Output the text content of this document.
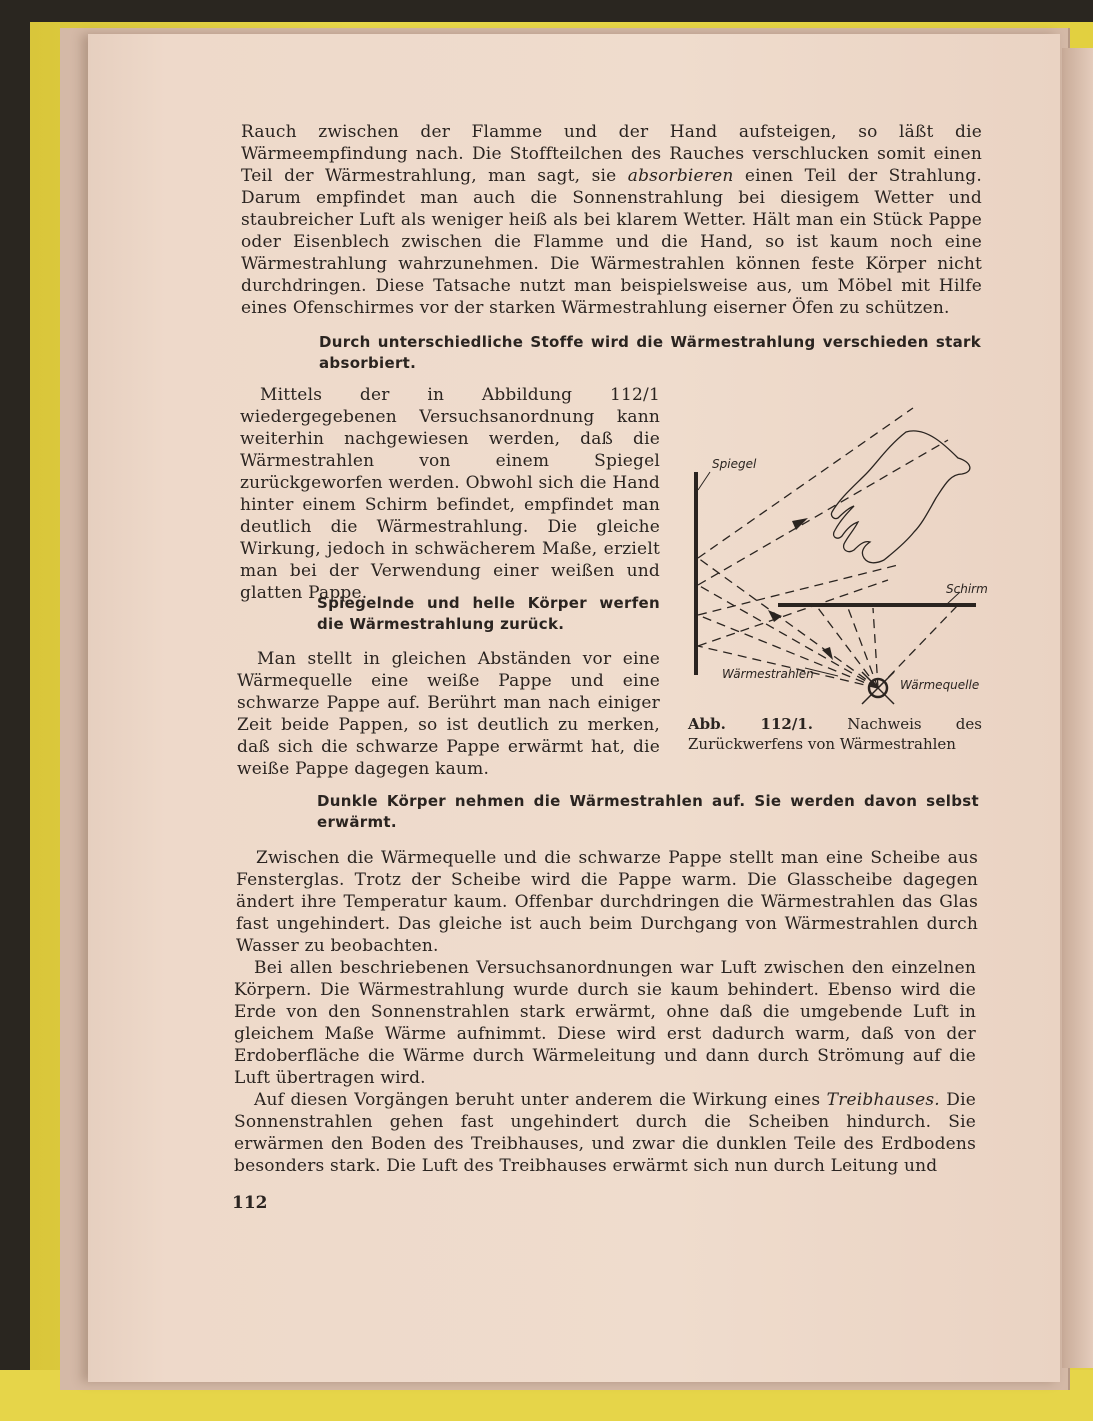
Rauch zwischen der Flamme und der Hand aufsteigen, so läßt die Wärmeempfindung nach. Die Stoffteilchen des Rauches verschlucken somit einen Teil der Wärmestrahlung, man sagt, sie absorbieren einen Teil der Strahlung. Darum empfindet man auch die Sonnenstrahlung bei diesigem Wetter und staubreicher Luft als weniger heiß als bei klarem Wetter. Hält man ein Stück Pappe oder Eisenblech zwischen die Flamme und die Hand, so ist kaum noch eine Wärmestrahlung wahrzunehmen. Die Wärmestrahlen können feste Körper nicht durchdringen. Diese Tatsache nutzt man beispielsweise aus, um Möbel mit Hilfe eines Ofenschirmes vor der starken Wärmestrahlung eiserner Öfen zu schützen.

Durch unterschiedliche Stoffe wird die Wärmestrahlung verschieden stark absorbiert.

Mittels der in Abbildung 112/1 wiedergegebenen Versuchsanordnung kann weiterhin nachgewiesen werden, daß die Wärmestrahlen von einem Spiegel zurückgeworfen werden. Obwohl sich die Hand hinter einem Schirm befindet, empfindet man deutlich die Wärmestrahlung. Die gleiche Wirkung, jedoch in schwächerem Maße, erzielt man bei der Verwendung einer weißen und glatten Pappe.

Spiegelnde und helle Körper werfen die Wärmestrahlung zurück.

Man stellt in gleichen Abständen vor eine Wärmequelle eine weiße Pappe und eine schwarze Pappe auf. Berührt man nach einiger Zeit beide Pappen, so ist deutlich zu merken, daß sich die schwarze Pappe erwärmt hat, die weiße Pappe dagegen kaum.

Spiegel
Schirm
Wärmestrahlen
Wärmequelle
Abb. 112/1. Nachweis des Zurückwerfens von Wärmestrahlen
Dunkle Körper nehmen die Wärmestrahlen auf. Sie werden davon selbst erwärmt.

Zwischen die Wärmequelle und die schwarze Pappe stellt man eine Scheibe aus Fensterglas. Trotz der Scheibe wird die Pappe warm. Die Glasscheibe dagegen ändert ihre Temperatur kaum. Offenbar durchdringen die Wärmestrahlen das Glas fast ungehindert. Das gleiche ist auch beim Durchgang von Wärmestrahlen durch Wasser zu beobachten.

Bei allen beschriebenen Versuchsanordnungen war Luft zwischen den einzelnen Körpern. Die Wärmestrahlung wurde durch sie kaum behindert. Ebenso wird die Erde von den Sonnenstrahlen stark erwärmt, ohne daß die umgebende Luft in gleichem Maße Wärme aufnimmt. Diese wird erst dadurch warm, daß von der Erdoberfläche die Wärme durch Wärmeleitung und dann durch Strömung auf die Luft übertragen wird.

Auf diesen Vorgängen beruht unter anderem die Wirkung eines Treibhauses. Die Sonnenstrahlen gehen fast ungehindert durch die Scheiben hindurch. Sie erwärmen den Boden des Treibhauses, und zwar die dunklen Teile des Erdbodens besonders stark. Die Luft des Treibhauses erwärmt sich nun durch Leitung und

112
